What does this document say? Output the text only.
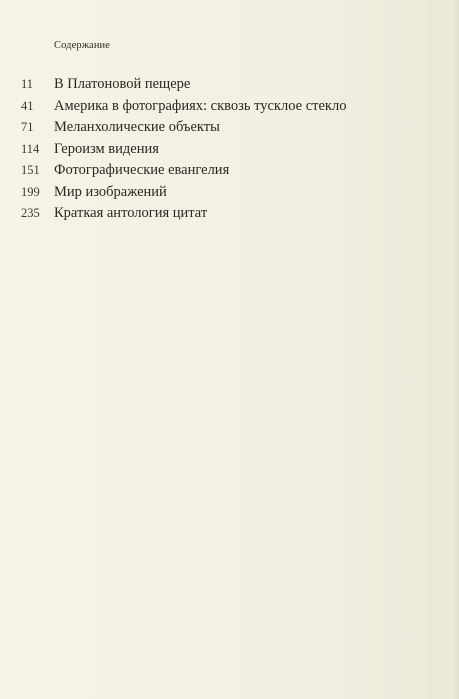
Содержание
11	В Платоновой пещере
41	Америка в фотографиях: сквозь тусклое стекло
71	Меланхолические объекты
114	Героизм видения
151 Фотографические евангелия
199 Мир изображений
235 Краткая антология цитат
